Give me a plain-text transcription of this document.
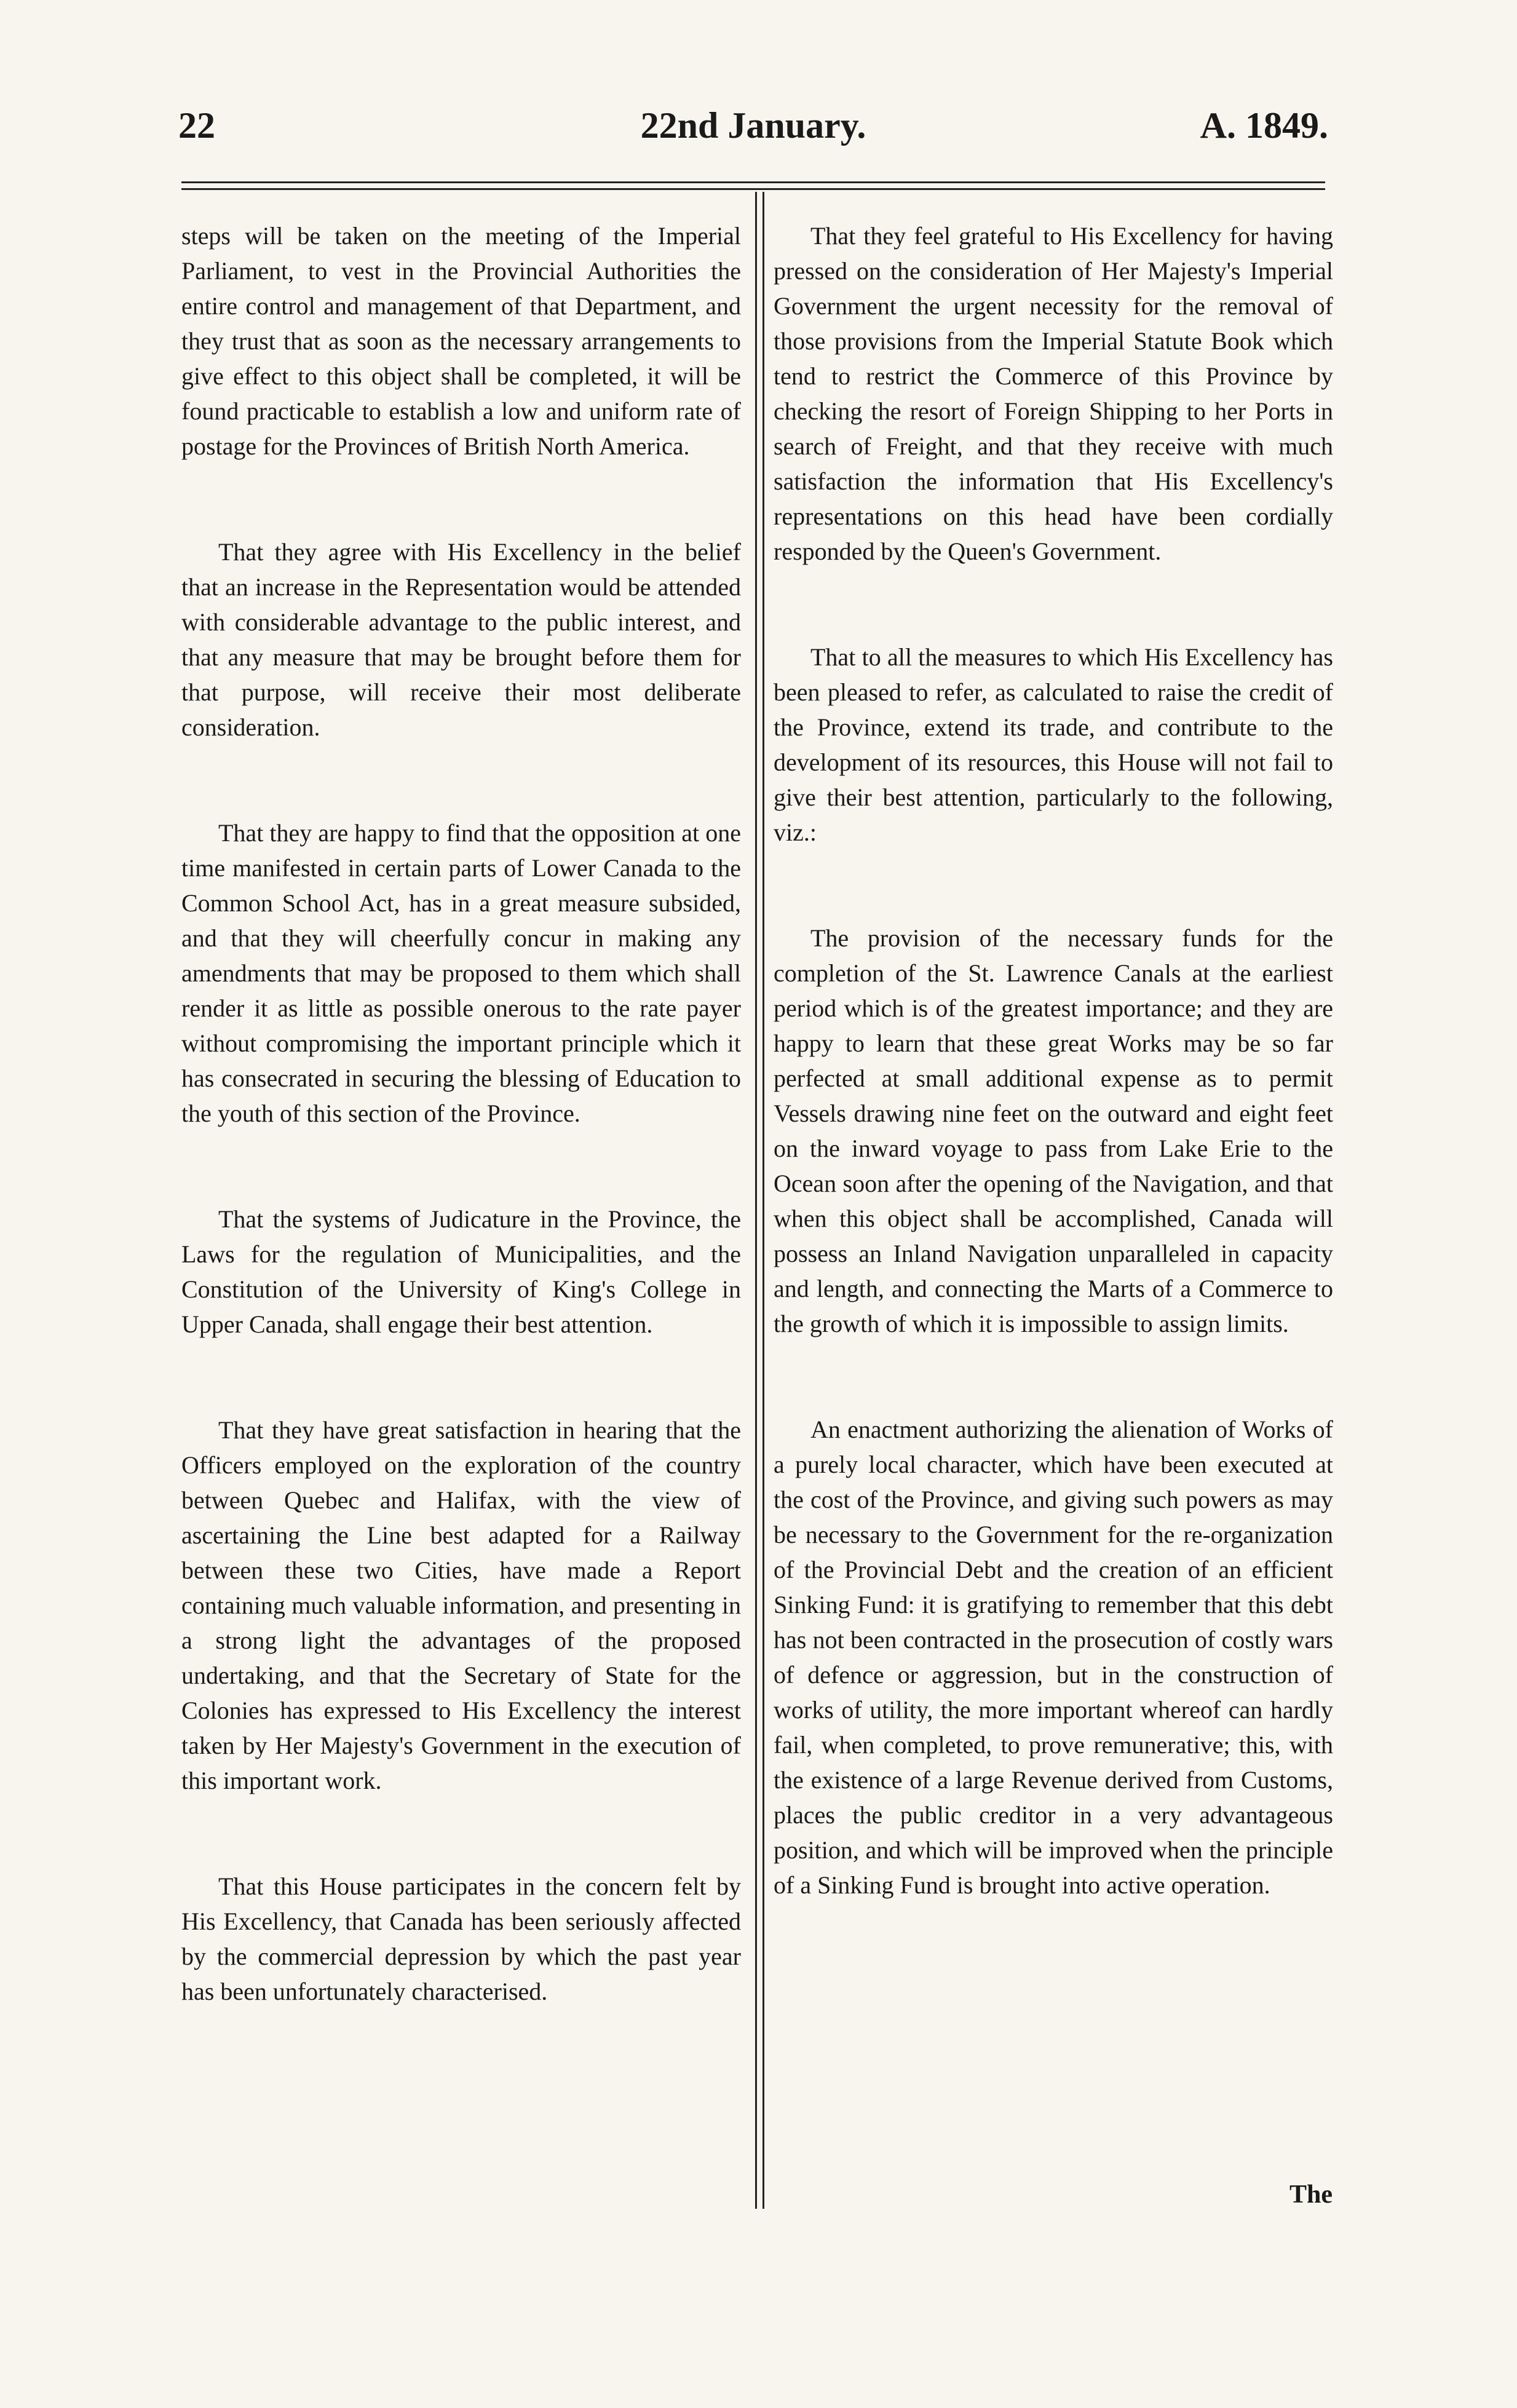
22	22nd January.	A. 1849.

steps will be taken on the meeting of the Imperial Parliament, to vest in the Provincial Authorities the entire control and management of that Department, and they trust that as soon as the necessary arrangements to give effect to this object shall be completed, it will be found practicable to establish a low and uniform rate of postage for the Provinces of British North America.

That they agree with His Excellency in the belief that an increase in the Representation would be attended with considerable advantage to the public interest, and that any measure that may be brought before them for that purpose, will receive their most deliberate consideration.

That they are happy to find that the opposition at one time manifested in certain parts of Lower Canada to the Common School Act, has in a great measure subsided, and that they will cheerfully concur in making any amendments that may be proposed to them which shall render it as little as possible onerous to the rate payer without compromising the important principle which it has consecrated in securing the blessing of Education to the youth of this section of the Province.

That the systems of Judicature in the Province, the Laws for the regulation of Municipalities, and the Constitution of the University of King's College in Upper Canada, shall engage their best attention.

That they have great satisfaction in hearing that the Officers employed on the exploration of the country between Quebec and Halifax, with the view of ascertaining the Line best adapted for a Railway between these two Cities, have made a Report containing much valuable information, and presenting in a strong light the advantages of the proposed undertaking, and that the Secretary of State for the Colonies has expressed to His Excellency the interest taken by Her Majesty's Government in the execution of this important work.

That this House participates in the concern felt by His Excellency, that Canada has been seriously affected by the commercial depression by which the past year has been unfortunately characterised.

That they feel grateful to His Excellency for having pressed on the consideration of Her Majesty's Imperial Government the urgent necessity for the removal of those provisions from the Imperial Statute Book which tend to restrict the Commerce of this Province by checking the resort of Foreign Shipping to her Ports in search of Freight, and that they receive with much satisfaction the information that His Excellency's representations on this head have been cordially responded by the Queen's Government.

That to all the measures to which His Excellency has been pleased to refer, as calculated to raise the credit of the Province, extend its trade, and contribute to the development of its resources, this House will not fail to give their best attention, particularly to the following, viz.:

The provision of the necessary funds for the completion of the St. Lawrence Canals at the earliest period which is of the greatest importance; and they are happy to learn that these great Works may be so far perfected at small additional expense as to permit Vessels drawing nine feet on the outward and eight feet on the inward voyage to pass from Lake Erie to the Ocean soon after the opening of the Navigation, and that when this object shall be accomplished, Canada will possess an Inland Navigation unparalleled in capacity and length, and connecting the Marts of a Commerce to the growth of which it is impossible to assign limits.

An enactment authorizing the alienation of Works of a purely local character, which have been executed at the cost of the Province, and giving such powers as may be necessary to the Government for the re-organization of the Provincial Debt and the creation of an efficient Sinking Fund: it is gratifying to remember that this debt has not been contracted in the prosecution of costly wars of defence or aggression, but in the construction of works of utility, the more important whereof can hardly fail, when completed, to prove remunerative; this, with the existence of a large Revenue derived from Customs, places the public creditor in a very advantageous position, and which will be improved when the principle of a Sinking Fund is brought into active operation.

The
